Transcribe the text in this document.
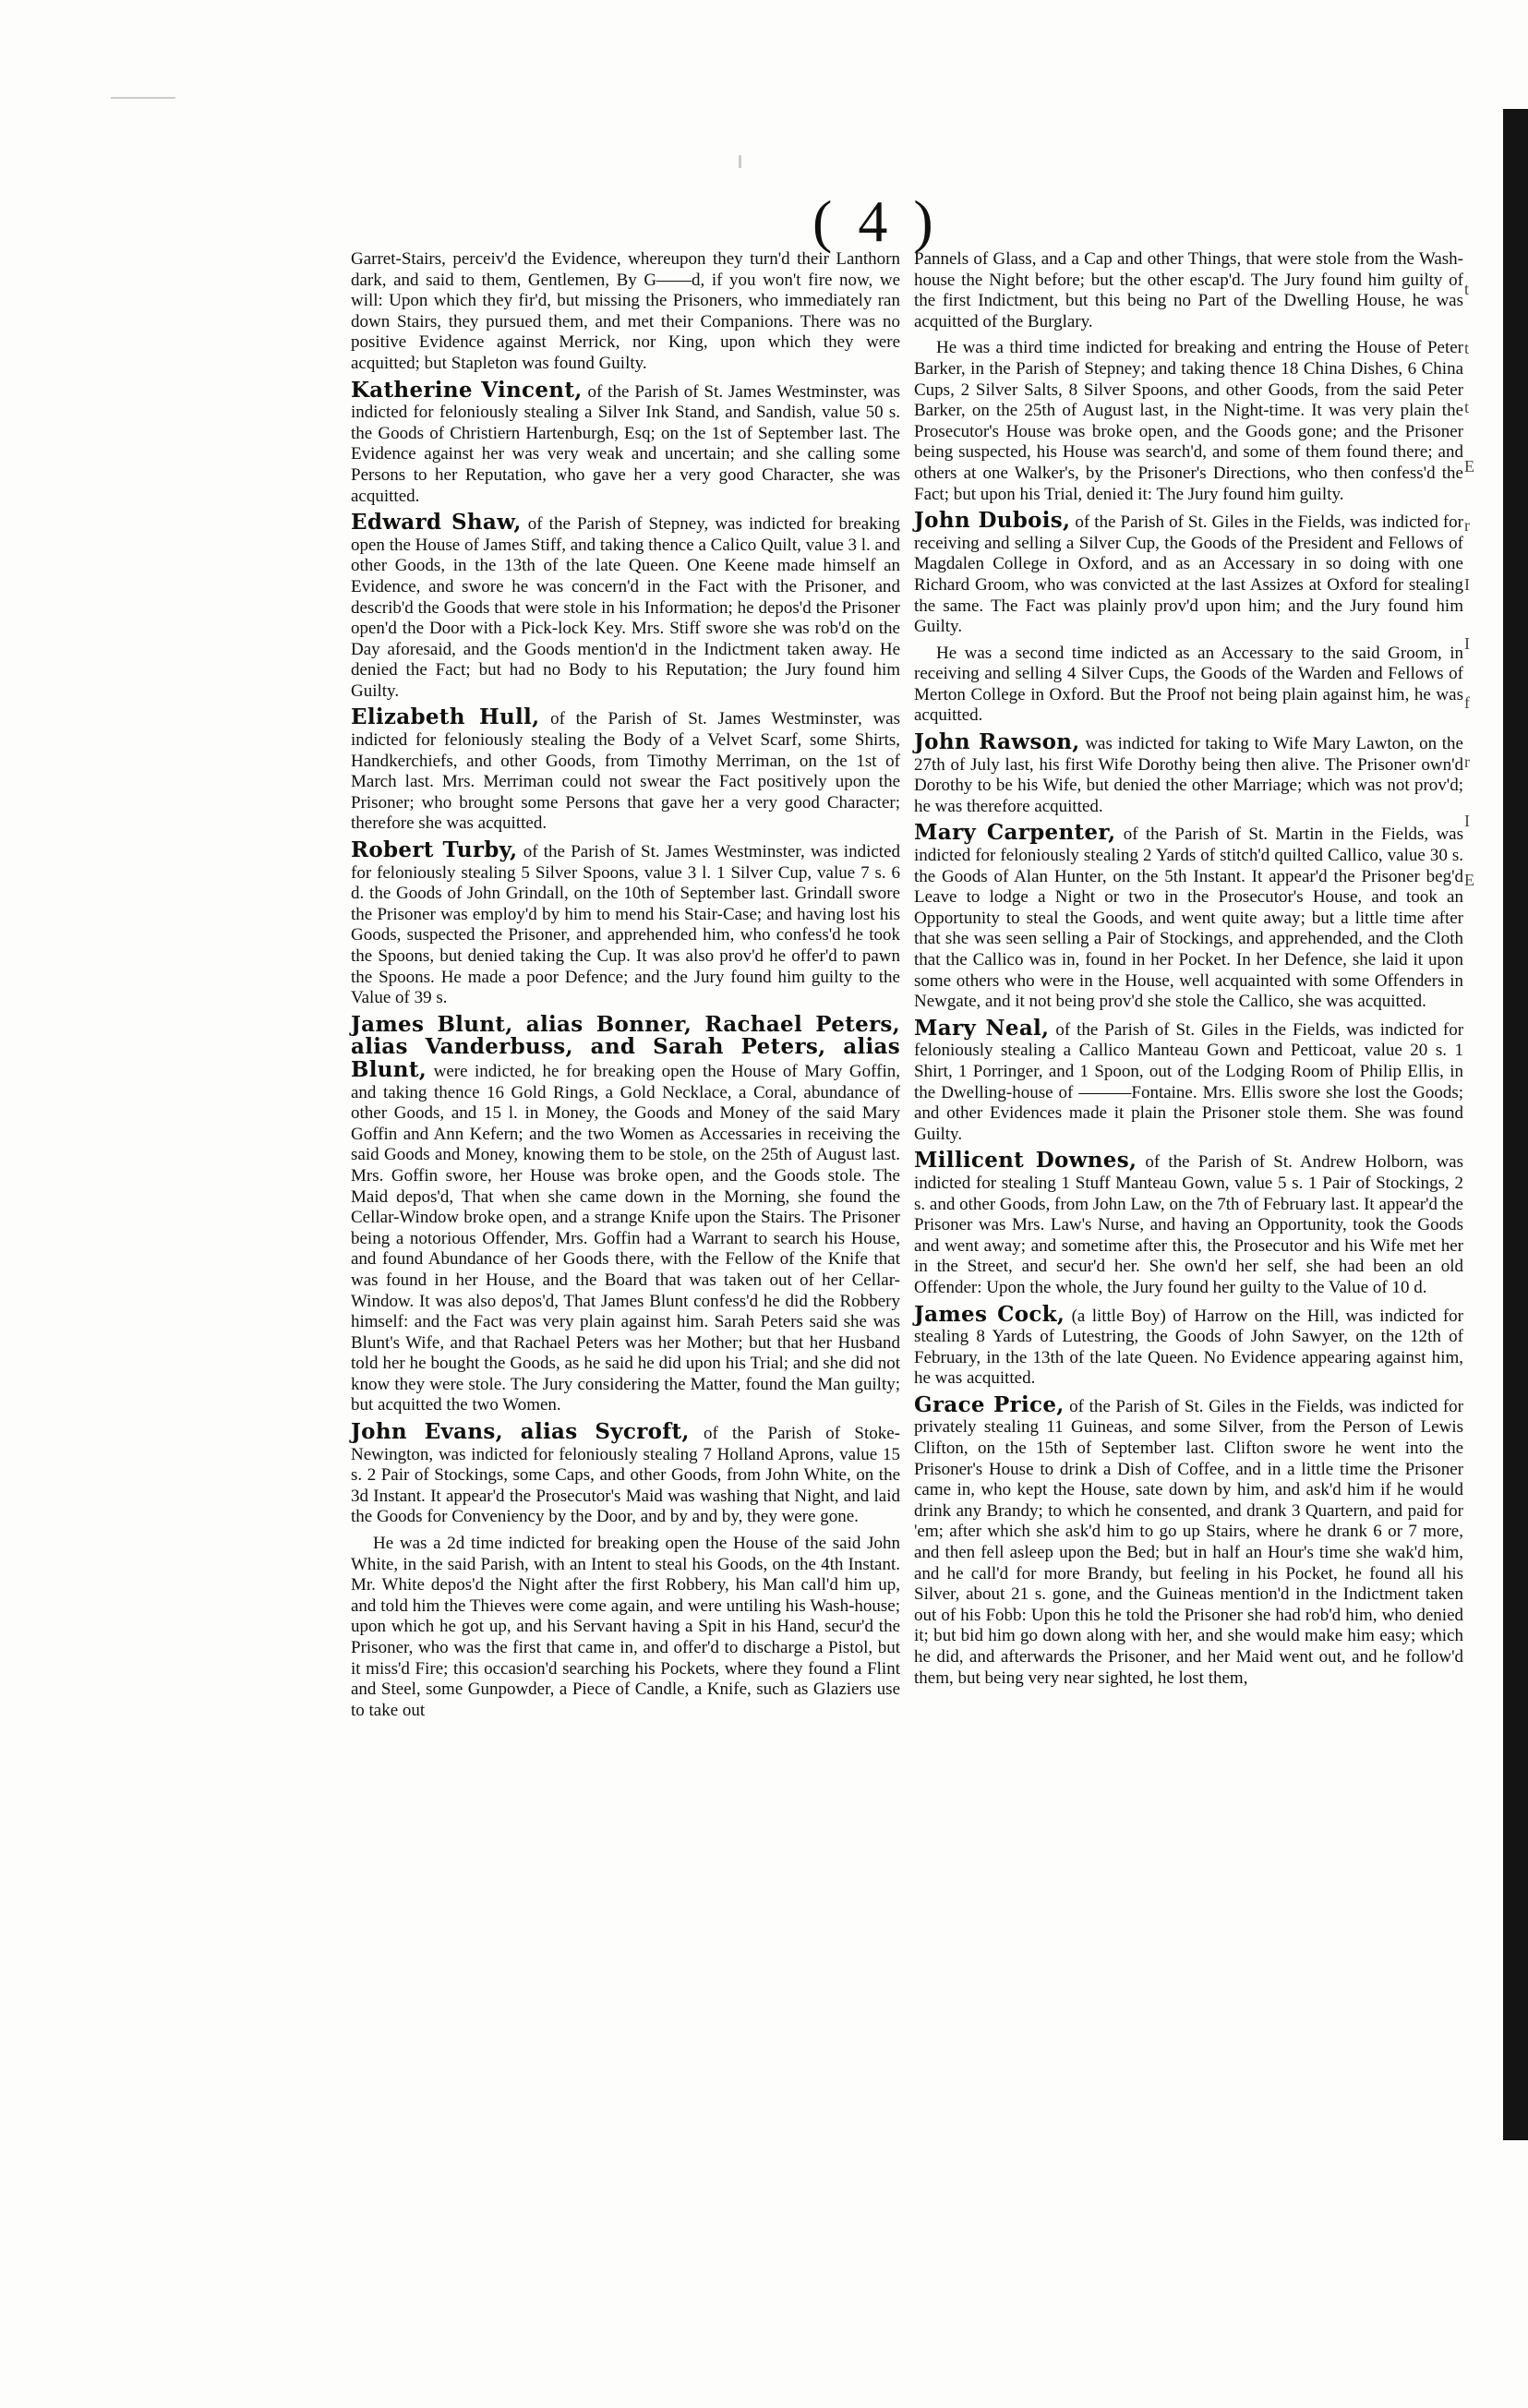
( 4 )

Garret-Stairs, perceiv'd the Evidence, whereupon they turn'd their Lanthorn dark, and said to them, Gentlemen, By G——d, if you won't fire now, we will: Upon which they fir'd, but missing the Prisoners, who immediately ran down Stairs, they pursued them, and met their Companions. There was no positive Evidence against Merrick, nor King, upon which they were acquitted; but Stapleton was found Guilty.

Katherine Vincent, of the Parish of St. James Westminster, was indicted for feloniously stealing a Silver Ink Stand, and Sandish, value 50 s. the Goods of Christiern Hartenburgh, Esq; on the 1st of September last. The Evidence against her was very weak and uncertain; and she calling some Persons to her Reputation, who gave her a very good Character, she was acquitted.

Edward Shaw, of the Parish of Stepney, was indicted for breaking open the House of James Stiff, and taking thence a Calico Quilt, value 3 l. and other Goods, in the 13th of the late Queen. One Keene made himself an Evidence, and swore he was concern'd in the Fact with the Prisoner, and describ'd the Goods that were stole in his Information; he depos'd the Prisoner open'd the Door with a Pick-lock Key. Mrs. Stiff swore she was rob'd on the Day aforesaid, and the Goods mention'd in the Indictment taken away. He denied the Fact; but had no Body to his Reputation; the Jury found him Guilty.

Elizabeth Hull, of the Parish of St. James Westminster, was indicted for feloniously stealing the Body of a Velvet Scarf, some Shirts, Handkerchiefs, and other Goods, from Timothy Merriman, on the 1st of March last. Mrs. Merriman could not swear the Fact positively upon the Prisoner; who brought some Persons that gave her a very good Character; therefore she was acquitted.

Robert Turby, of the Parish of St. James Westminster, was indicted for feloniously stealing 5 Silver Spoons, value 3 l. 1 Silver Cup, value 7 s. 6 d. the Goods of John Grindall, on the 10th of September last. Grindall swore the Prisoner was employ'd by him to mend his Stair-Case; and having lost his Goods, suspected the Prisoner, and apprehended him, who confess'd he took the Spoons, but denied taking the Cup. It was also prov'd he offer'd to pawn the Spoons. He made a poor Defence; and the Jury found him guilty to the Value of 39 s.

James Blunt, alias Bonner, Rachael Peters, alias Vanderbuss, and Sarah Peters, alias Blunt, were indicted, he for breaking open the House of Mary Goffin, and taking thence 16 Gold Rings, a Gold Necklace, a Coral, abundance of other Goods, and 15 l. in Money, the Goods and Money of the said Mary Goffin and Ann Kefern; and the two Women as Accessaries in receiving the said Goods and Money, knowing them to be stole, on the 25th of August last. Mrs. Goffin swore, her House was broke open, and the Goods stole. The Maid depos'd, That when she came down in the Morning, she found the Cellar-Window broke open, and a strange Knife upon the Stairs. The Prisoner being a notorious Offender, Mrs. Goffin had a Warrant to search his House, and found Abundance of her Goods there, with the Fellow of the Knife that was found in her House, and the Board that was taken out of her Cellar-Window. It was also depos'd, That James Blunt confess'd he did the Robbery himself: and the Fact was very plain against him. Sarah Peters said she was Blunt's Wife, and that Rachael Peters was her Mother; but that her Husband told her he bought the Goods, as he said he did upon his Trial; and she did not know they were stole. The Jury considering the Matter, found the Man guilty; but acquitted the two Women.

John Evans, alias Sycroft, of the Parish of Stoke-Newington, was indicted for feloniously stealing 7 Holland Aprons, value 15 s. 2 Pair of Stockings, some Caps, and other Goods, from John White, on the 3d Instant. It appear'd the Prosecutor's Maid was washing that Night, and laid the Goods for Conveniency by the Door, and by and by, they were gone.

He was a 2d time indicted for breaking open the House of the said John White, in the said Parish, with an Intent to steal his Goods, on the 4th Instant. Mr. White depos'd the Night after the first Robbery, his Man call'd him up, and told him the Thieves were come again, and were untiling his Wash-house; upon which he got up, and his Servant having a Spit in his Hand, secur'd the Prisoner, who was the first that came in, and offer'd to discharge a Pistol, but it miss'd Fire; this occasion'd searching his Pockets, where they found a Flint and Steel, some Gunpowder, a Piece of Candle, a Knife, such as Glaziers use to take out

Pannels of Glass, and a Cap and other Things, that were stole from the Wash-house the Night before; but the other escap'd. The Jury found him guilty of the first Indictment, but this being no Part of the Dwelling House, he was acquitted of the Burglary.

He was a third time indicted for breaking and entring the House of Peter Barker, in the Parish of Stepney; and taking thence 18 China Dishes, 6 China Cups, 2 Silver Salts, 8 Silver Spoons, and other Goods, from the said Peter Barker, on the 25th of August last, in the Night-time. It was very plain the Prosecutor's House was broke open, and the Goods gone; and the Prisoner being suspected, his House was search'd, and some of them found there; and others at one Walker's, by the Prisoner's Directions, who then confess'd the Fact; but upon his Trial, denied it: The Jury found him guilty.

John Dubois, of the Parish of St. Giles in the Fields, was indicted for receiving and selling a Silver Cup, the Goods of the President and Fellows of Magdalen College in Oxford, and as an Accessary in so doing with one Richard Groom, who was convicted at the last Assizes at Oxford for stealing the same. The Fact was plainly prov'd upon him; and the Jury found him Guilty.

He was a second time indicted as an Accessary to the said Groom, in receiving and selling 4 Silver Cups, the Goods of the Warden and Fellows of Merton College in Oxford. But the Proof not being plain against him, he was acquitted.

John Rawson, was indicted for taking to Wife Mary Lawton, on the 27th of July last, his first Wife Dorothy being then alive. The Prisoner own'd Dorothy to be his Wife, but denied the other Marriage; which was not prov'd; he was therefore acquitted.

Mary Carpenter, of the Parish of St. Martin in the Fields, was indicted for feloniously stealing 2 Yards of stitch'd quilted Callico, value 30 s. the Goods of Alan Hunter, on the 5th Instant. It appear'd the Prisoner beg'd Leave to lodge a Night or two in the Prosecutor's House, and took an Opportunity to steal the Goods, and went quite away; but a little time after that she was seen selling a Pair of Stockings, and apprehended, and the Cloth that the Callico was in, found in her Pocket. In her Defence, she laid it upon some others who were in the House, well acquainted with some Offenders in Newgate, and it not being prov'd she stole the Callico, she was acquitted.

Mary Neal, of the Parish of St. Giles in the Fields, was indicted for feloniously stealing a Callico Manteau Gown and Petticoat, value 20 s. 1 Shirt, 1 Porringer, and 1 Spoon, out of the Lodging Room of Philip Ellis, in the Dwelling-house of ———Fontaine. Mrs. Ellis swore she lost the Goods; and other Evidences made it plain the Prisoner stole them. She was found Guilty.

Millicent Downes, of the Parish of St. Andrew Holborn, was indicted for stealing 1 Stuff Manteau Gown, value 5 s. 1 Pair of Stockings, 2 s. and other Goods, from John Law, on the 7th of February last. It appear'd the Prisoner was Mrs. Law's Nurse, and having an Opportunity, took the Goods and went away; and sometime after this, the Prosecutor and his Wife met her in the Street, and secur'd her. She own'd her self, she had been an old Offender: Upon the whole, the Jury found her guilty to the Value of 10 d.

James Cock, (a little Boy) of Harrow on the Hill, was indicted for stealing 8 Yards of Lutestring, the Goods of John Sawyer, on the 12th of February, in the 13th of the late Queen. No Evidence appearing against him, he was acquitted.

Grace Price, of the Parish of St. Giles in the Fields, was indicted for privately stealing 11 Guineas, and some Silver, from the Person of Lewis Clifton, on the 15th of September last. Clifton swore he went into the Prisoner's House to drink a Dish of Coffee, and in a little time the Prisoner came in, who kept the House, sate down by him, and ask'd him if he would drink any Brandy; to which he consented, and drank 3 Quartern, and paid for 'em; after which she ask'd him to go up Stairs, where he drank 6 or 7 more, and then fell asleep upon the Bed; but in half an Hour's time she wak'd him, and he call'd for more Brandy, but feeling in his Pocket, he found all his Silver, about 21 s. gone, and the Guineas mention'd in the Indictment taken out of his Fobb: Upon this he told the Prisoner she had rob'd him, who denied it; but bid him go down along with her, and she would make him easy; which he did, and afterwards the Prisoner, and her Maid went out, and he follow'd them, but being very near sighted, he lost them,

t
t
t
E
r
I
I
f
r
I
E
